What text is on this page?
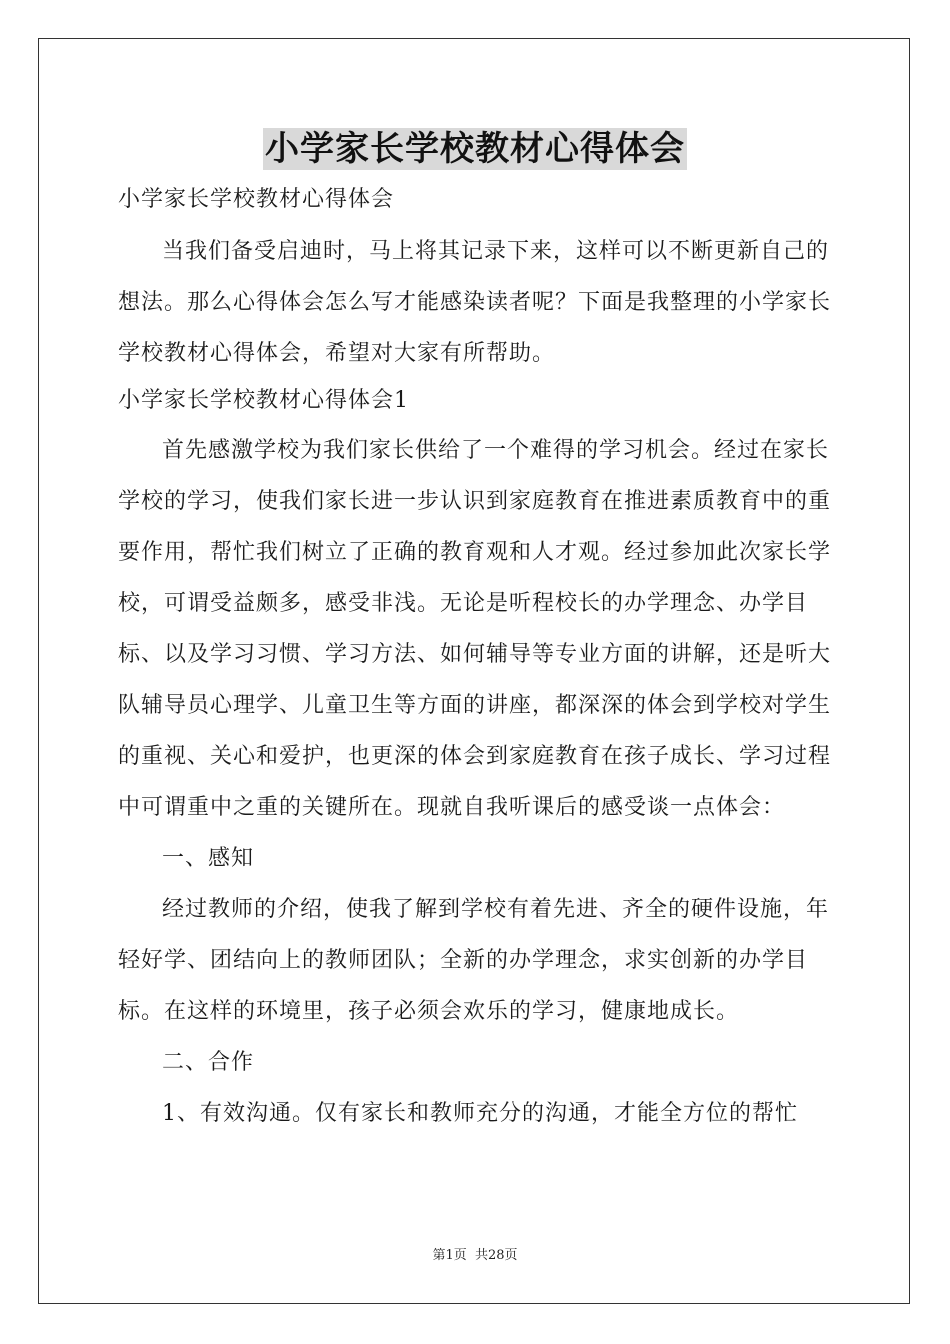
小学家长学校教材心得体会

小学家长学校教材心得体会

当我们备受启迪时，马上将其记录下来，这样可以不断更新自己的想法。那么心得体会怎么写才能感染读者呢？下面是我整理的小学家长学校教材心得体会，希望对大家有所帮助。

小学家长学校教材心得体会1

首先感激学校为我们家长供给了一个难得的学习机会。经过在家长学校的学习，使我们家长进一步认识到家庭教育在推进素质教育中的重要作用，帮忙我们树立了正确的教育观和人才观。经过参加此次家长学校，可谓受益颇多，感受非浅。无论是听程校长的办学理念、办学目标、以及学习习惯、学习方法、如何辅导等专业方面的讲解，还是听大队辅导员心理学、儿童卫生等方面的讲座，都深深的体会到学校对学生的重视、关心和爱护，也更深的体会到家庭教育在孩子成长、学习过程中可谓重中之重的关键所在。现就自我听课后的感受谈一点体会：

一、感知

经过教师的介绍，使我了解到学校有着先进、齐全的硬件设施，年轻好学、团结向上的教师团队；全新的办学理念，求实创新的办学目标。在这样的环境里，孩子必须会欢乐的学习，健康地成长。

二、合作

1、有效沟通。仅有家长和教师充分的沟通，才能全方位的帮忙

第1页 共28页
